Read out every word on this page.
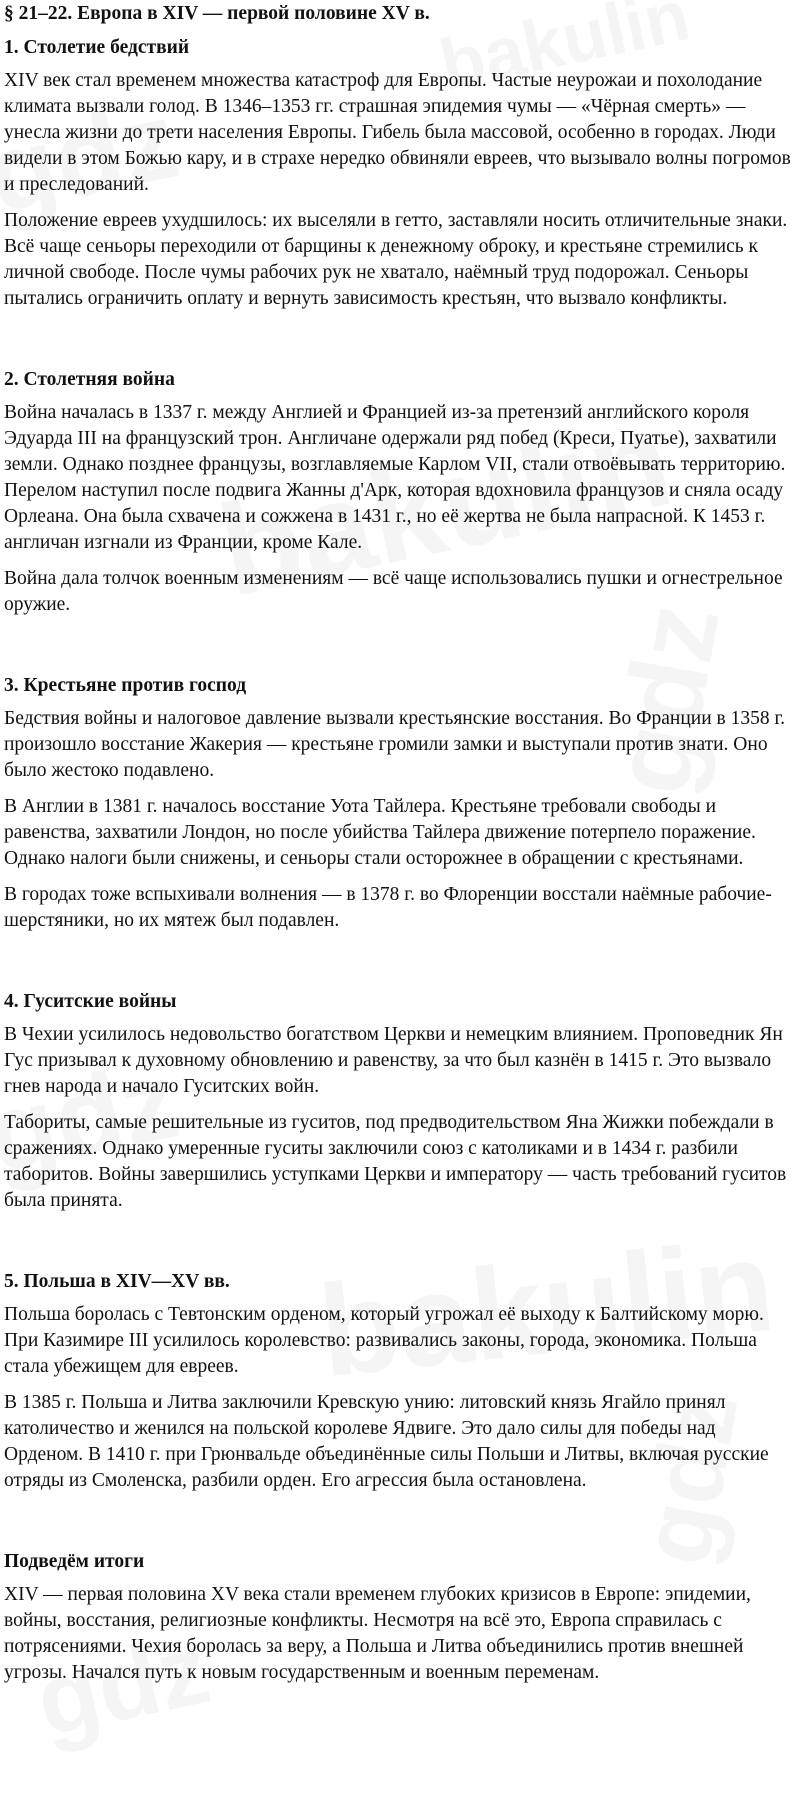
§ 21–22. Европа в XIV — первой половине XV в.
1. Столетие бедствий

XIV век стал временем множества катастроф для Европы. Частые неурожаи и похолодание климата вызвали голод. В 1346–1353 гг. страшная эпидемия чумы — «Чёрная смерть» — унесла жизни до трети населения Европы. Гибель была массовой, особенно в городах. Люди видели в этом Божью кару, и в страхе нередко обвиняли евреев, что вызывало волны погромов и преследований.

Положение евреев ухудшилось: их выселяли в гетто, заставляли носить отличительные знаки. Всё чаще сеньоры переходили от барщины к денежному оброку, и крестьяне стремились к личной свободе. После чумы рабочих рук не хватало, наёмный труд подорожал. Сеньоры пытались ограничить оплату и вернуть зависимость крестьян, что вызвало конфликты.

2. Столетняя война

Война началась в 1337 г. между Англией и Францией из-за претензий английского короля Эдуарда III на французский трон. Англичане одержали ряд побед (Креси, Пуатье), захватили земли. Однако позднее французы, возглавляемые Карлом VII, стали отвоёвывать территорию. Перелом наступил после подвига Жанны д'Арк, которая вдохновила французов и сняла осаду Орлеана. Она была схвачена и сожжена в 1431 г., но её жертва не была напрасной. К 1453 г. англичан изгнали из Франции, кроме Кале.

Война дала толчок военным изменениям — всё чаще использовались пушки и огнестрельное оружие.

3. Крестьяне против господ

Бедствия войны и налоговое давление вызвали крестьянские восстания. Во Франции в 1358 г. произошло восстание Жакерия — крестьяне громили замки и выступали против знати. Оно было жестоко подавлено.

В Англии в 1381 г. началось восстание Уота Тайлера. Крестьяне требовали свободы и равенства, захватили Лондон, но после убийства Тайлера движение потерпело поражение. Однако налоги были снижены, и сеньоры стали осторожнее в обращении с крестьянами.

В городах тоже вспыхивали волнения — в 1378 г. во Флоренции восстали наёмные рабочие-шерстяники, но их мятеж был подавлен.

4. Гуситские войны

В Чехии усилилось недовольство богатством Церкви и немецким влиянием. Проповедник Ян Гус призывал к духовному обновлению и равенству, за что был казнён в 1415 г. Это вызвало гнев народа и начало Гуситских войн.

Табориты, самые решительные из гуситов, под предводительством Яна Жижки побеждали в сражениях. Однако умеренные гуситы заключили союз с католиками и в 1434 г. разбили таборитов. Войны завершились уступками Церкви и императору — часть требований гуситов была принята.

5. Польша в XIV—XV вв.

Польша боролась с Тевтонским орденом, который угрожал её выходу к Балтийскому морю. При Казимире III усилилось королевство: развивались законы, города, экономика. Польша стала убежищем для евреев.

В 1385 г. Польша и Литва заключили Кревскую унию: литовский князь Ягайло принял католичество и женился на польской королеве Ядвиге. Это дало силы для победы над Орденом. В 1410 г. при Грюнвальде объединённые силы Польши и Литвы, включая русские отряды из Смоленска, разбили орден. Его агрессия была остановлена.

Подведём итоги

XIV — первая половина XV века стали временем глубоких кризисов в Европе: эпидемии, войны, восстания, религиозные конфликты. Несмотря на всё это, Европа справилась с потрясениями. Чехия боролась за веру, а Польша и Литва объединились против внешней угрозы. Начался путь к новым государственным и военным переменам.
